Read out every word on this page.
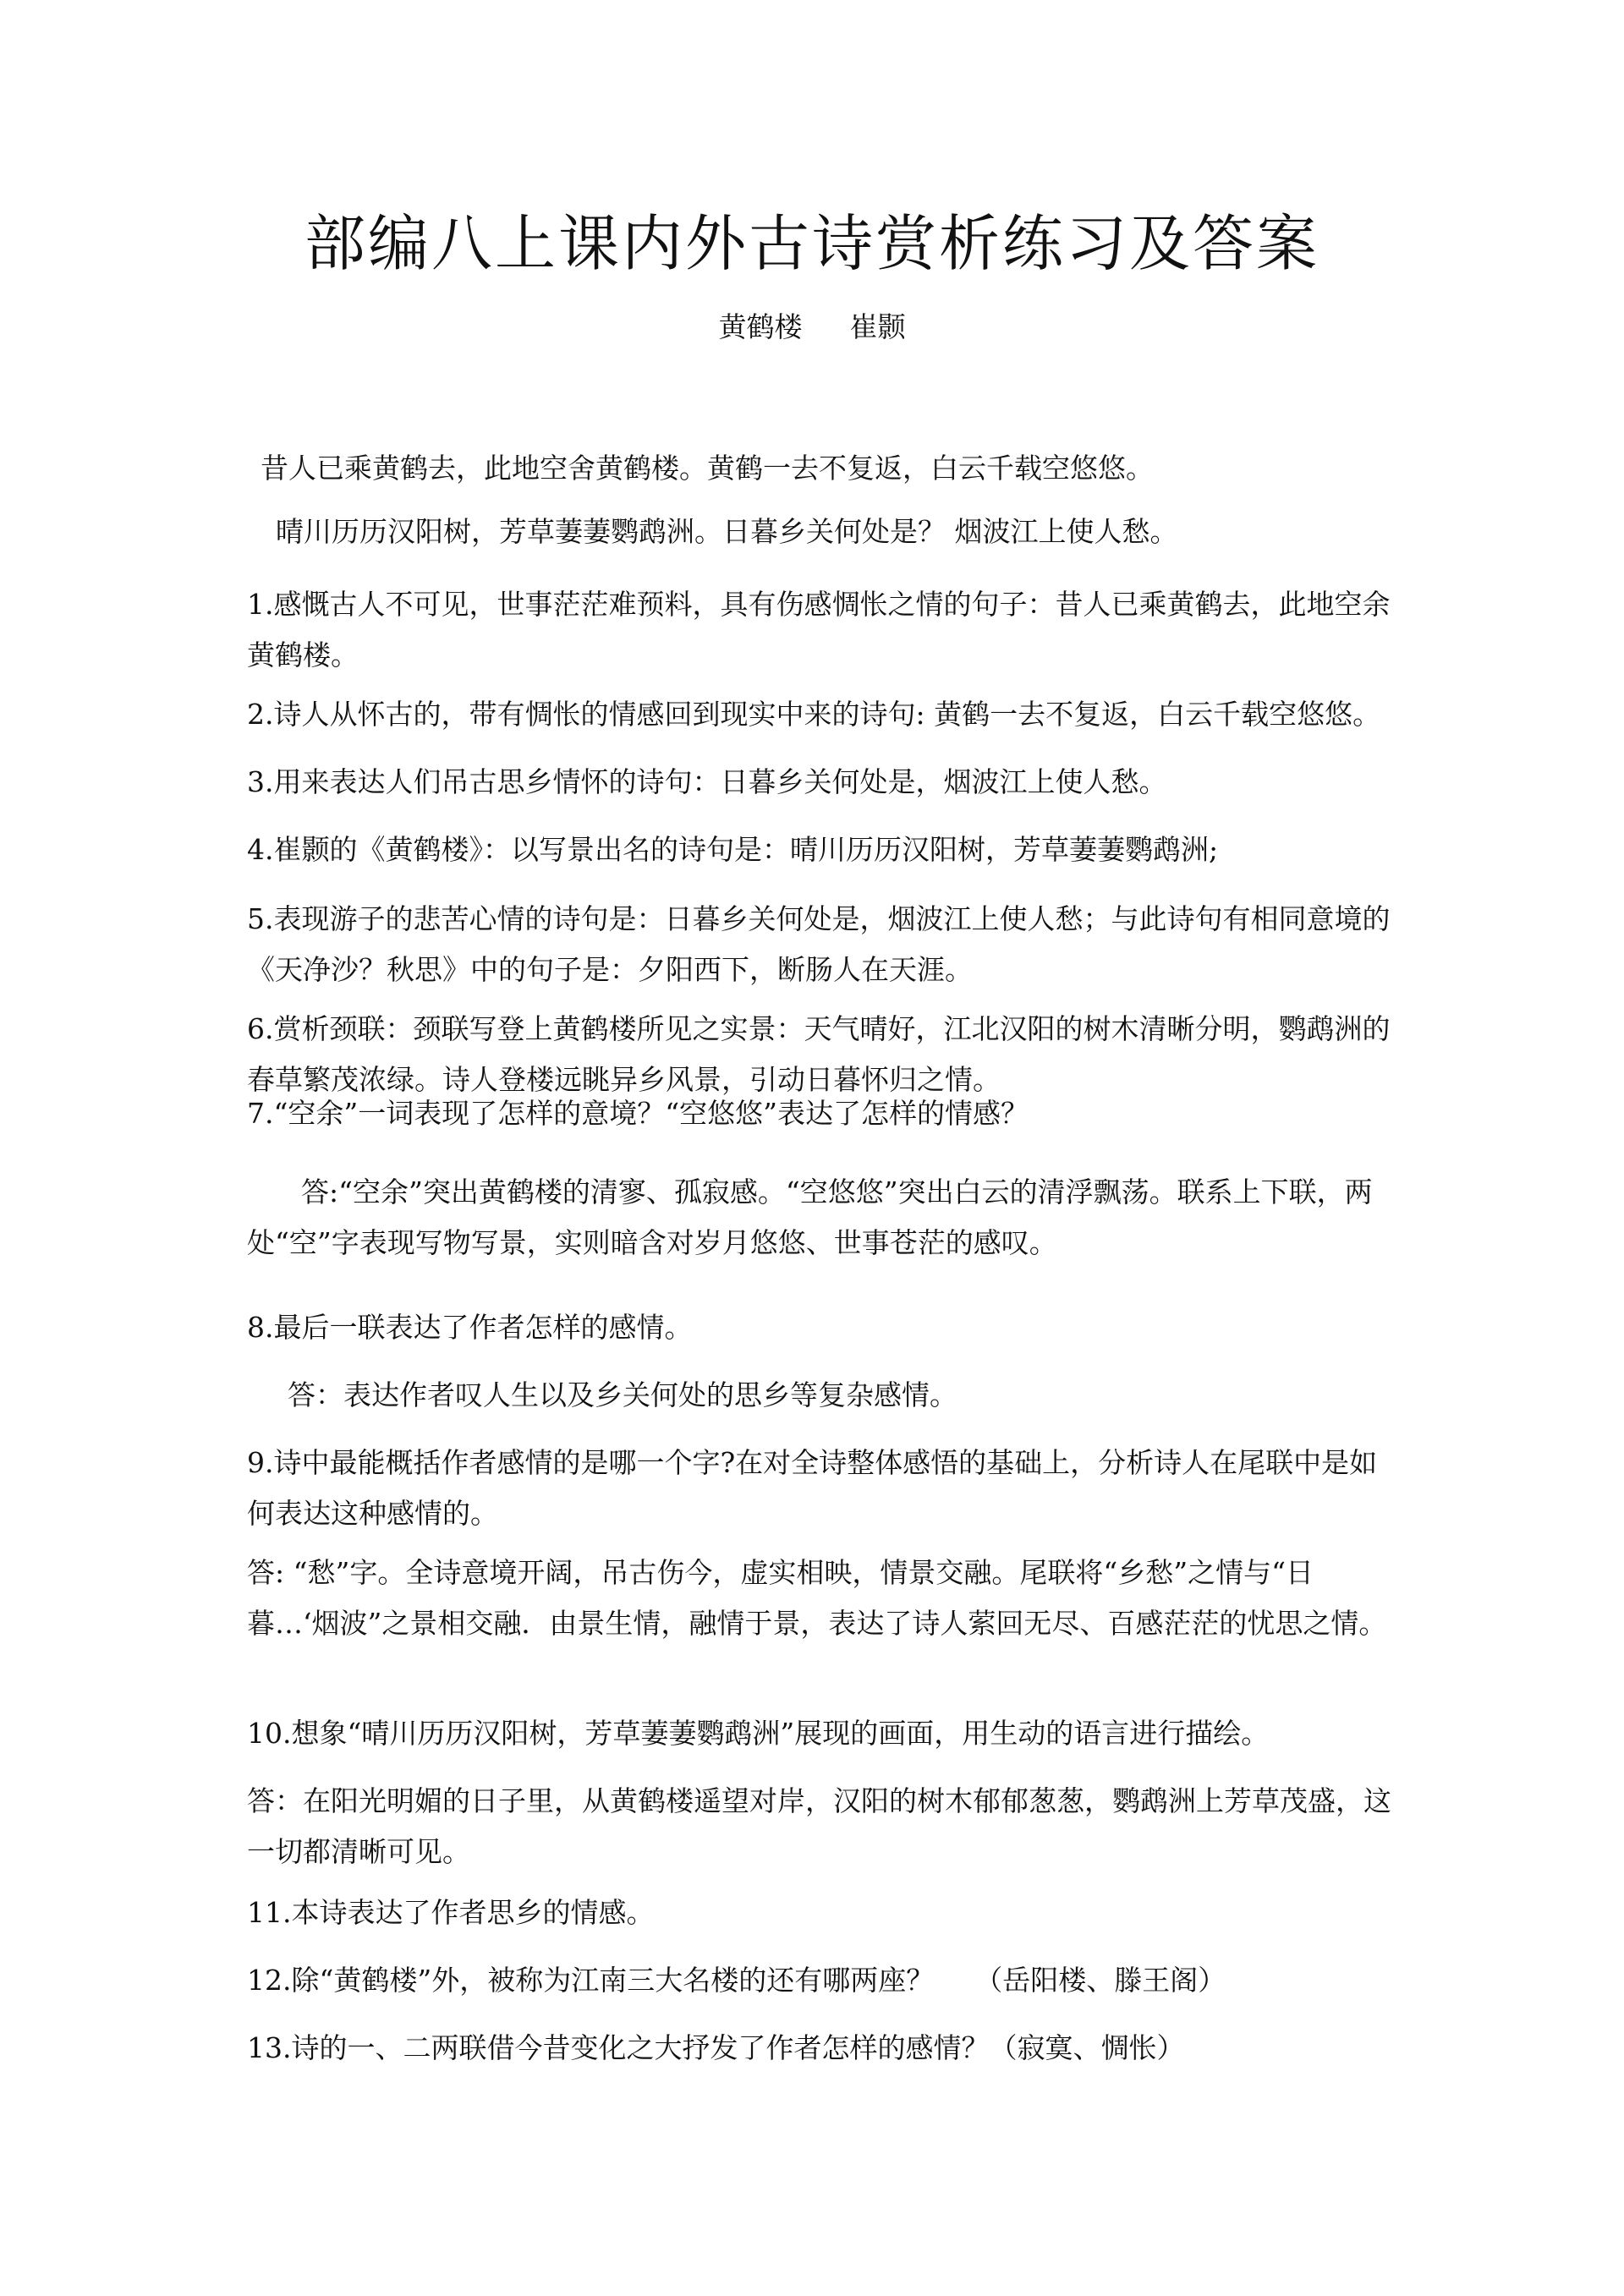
部编八上课内外古诗赏析练习及答案
黄鹤楼 崔颢
昔人已乘黄鹤去，此地空舍黄鹤楼。黄鹤一去不复返，白云千载空悠悠。
晴川历历汉阳树，芳草萋萋鹦鹉洲。日暮乡关何处是？ 烟波江上使人愁。
1.感慨古人不可见，世事茫茫难预料，具有伤感惆怅之情的句子：昔人已乘黄鹤去，此地空余黄鹤楼。
2.诗人从怀古的，带有惆怅的情感回到现实中来的诗句: 黄鹤一去不复返，白云千载空悠悠。
3.用来表达人们吊古思乡情怀的诗句：日暮乡关何处是，烟波江上使人愁。
4.崔颢的《黄鹤楼》：以写景出名的诗句是：晴川历历汉阳树，芳草萋萋鹦鹉洲;
5.表现游子的悲苦心情的诗句是：日暮乡关何处是，烟波江上使人愁；与此诗句有相同意境的《天净沙？秋思》中的句子是：夕阳西下，断肠人在天涯。
6.赏析颈联：颈联写登上黄鹤楼所见之实景：天气晴好，江北汉阳的树木清晰分明，鹦鹉洲的春草繁茂浓绿。诗人登楼远眺异乡风景，引动日暮怀归之情。
7.“空余”一词表现了怎样的意境？“空悠悠”表达了怎样的情感？
答:“空余”突出黄鹤楼的清寥、孤寂感。“空悠悠”突出白云的清浮飘荡。联系上下联，两处“空”字表现写物写景，实则暗含对岁月悠悠、世事苍茫的感叹。
8.最后一联表达了作者怎样的感情。
答：表达作者叹人生以及乡关何处的思乡等复杂感情。
9.诗中最能概括作者感情的是哪一个字?在对全诗整体感悟的基础上，分析诗人在尾联中是如何表达这种感情的。
答: “愁”字。全诗意境开阔，吊古伤今，虚实相映，情景交融。尾联将“乡愁”之情与“日暮…‘烟波”之景相交融．由景生情，融情于景，表达了诗人萦回无尽、百感茫茫的忧思之情。
10.想象“晴川历历汉阳树，芳草萋萋鹦鹉洲”展现的画面，用生动的语言进行描绘。
答：在阳光明媚的日子里，从黄鹤楼遥望对岸，汉阳的树木郁郁葱葱，鹦鹉洲上芳草茂盛，这一切都清晰可见。
11.本诗表达了作者思乡的情感。
12.除“黄鹤楼”外，被称为江南三大名楼的还有哪两座？ （岳阳楼、滕王阁）
13.诗的一、二两联借今昔变化之大抒发了作者怎样的感情？（寂寞、惆怅）
